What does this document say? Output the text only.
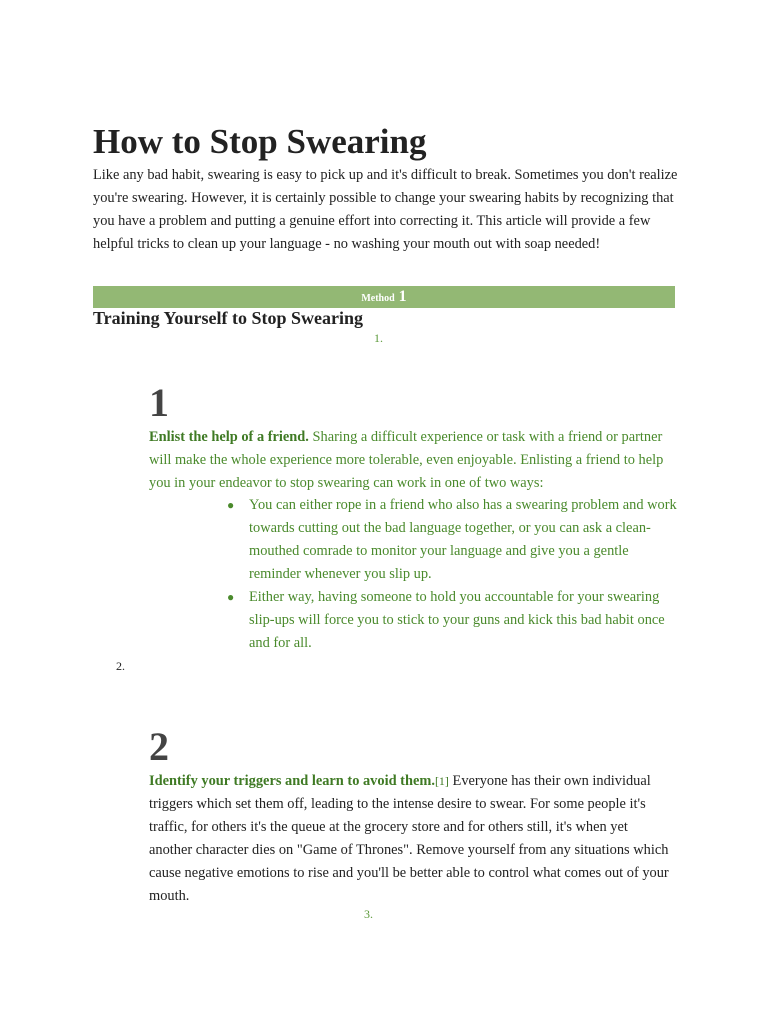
How to Stop Swearing

Like any bad habit, swearing is easy to pick up and it's difficult to break. Sometimes you don't realize you're swearing. However, it is certainly possible to change your swearing habits by recognizing that you have a problem and putting a genuine effort into correcting it. This article will provide a few helpful tricks to clean up your language - no washing your mouth out with soap needed!

Method 1
Training Yourself to Stop Swearing
1.
1

Enlist the help of a friend. Sharing a difficult experience or task with a friend or partner will make the whole experience more tolerable, even enjoyable. Enlisting a friend to help you in your endeavor to stop swearing can work in one of two ways:

● You can either rope in a friend who also has a swearing problem and work towards cutting out the bad language together, or you can ask a clean-mouthed comrade to monitor your language and give you a gentle reminder whenever you slip up.
● Either way, having someone to hold you accountable for your swearing slip-ups will force you to stick to your guns and kick this bad habit once and for all.
2.
2

Identify your triggers and learn to avoid them.[1] Everyone has their own individual triggers which set them off, leading to the intense desire to swear. For some people it's traffic, for others it's the queue at the grocery store and for others still, it's when yet another character dies on "Game of Thrones". Remove yourself from any situations which cause negative emotions to rise and you'll be better able to control what comes out of your mouth.

3.
